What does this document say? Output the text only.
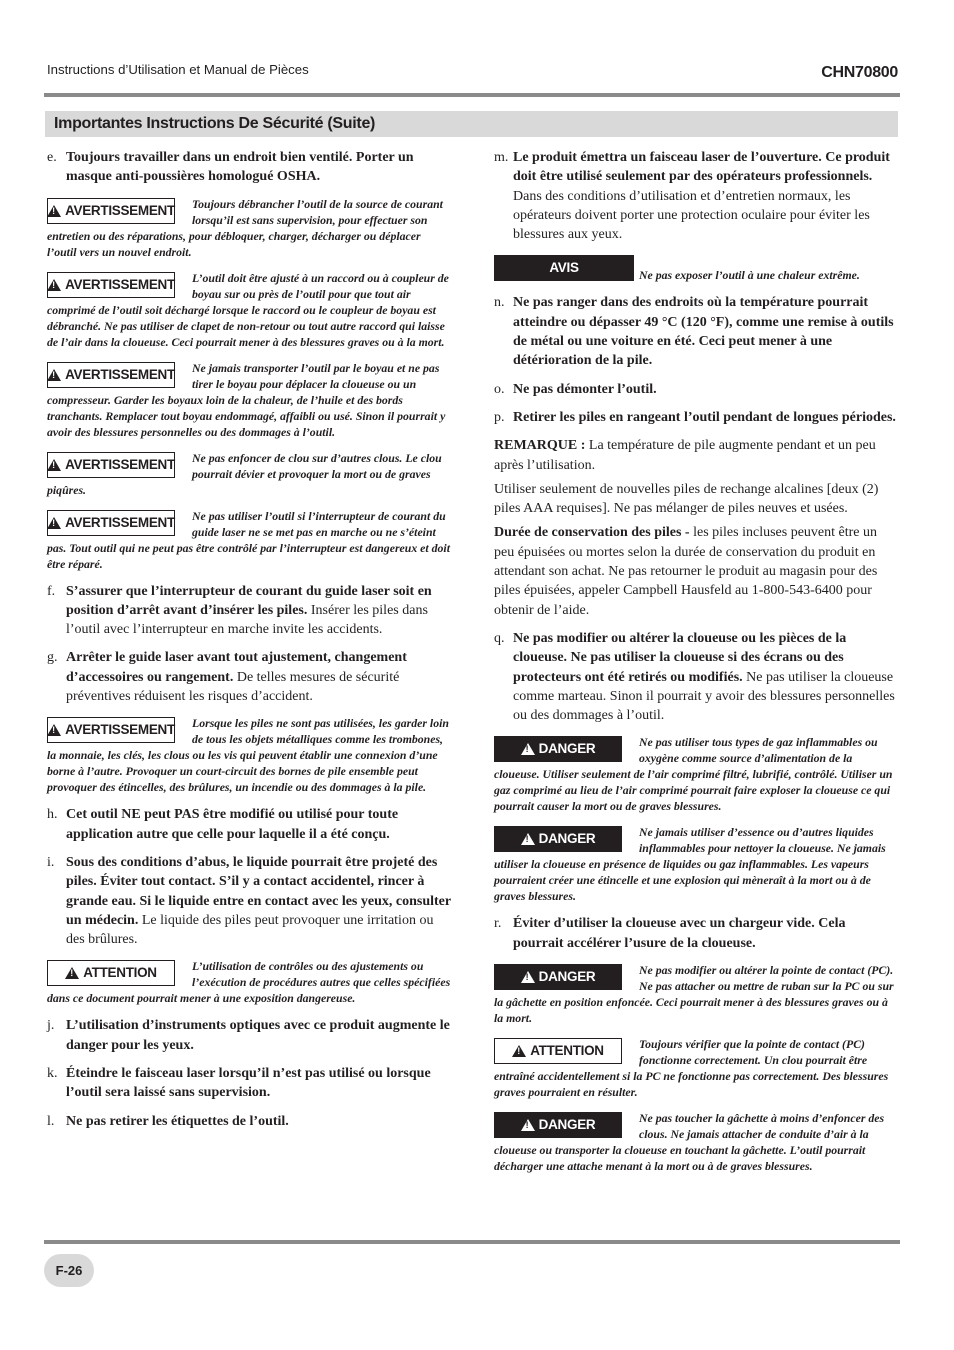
Instructions d’Utilisation et Manual de Pièces	CHN70800
Importantes Instructions De Sécurité (Suite)
e. Toujours travailler dans un endroit bien ventilé. Porter un masque anti-poussières homologué OSHA.
!
AVERTISSEMENT Toujours débrancher l’outil de la source de courant lorsqu’il est sans supervision, pour effectuer son entretien ou des réparations, pour débloquer, charger, décharger ou déplacer l’outil vers un nouvel endroit.
!
AVERTISSEMENT L’outil doit être ajusté à un raccord ou à coupleur de boyau sur ou près de l’outil pour que tout air comprimé de l’outil soit déchargé lorsque le raccord ou le coupleur de boyau est débranché. Ne pas utiliser de clapet de non-retour ou tout autre raccord qui laisse de l’air dans la cloueuse. Ceci pourrait mener à des blessures graves ou à la mort.
!
AVERTISSEMENT Ne jamais transporter l’outil par le boyau et ne pas tirer le boyau pour déplacer la cloueuse ou un compresseur. Garder les boyaux loin de la chaleur, de l’huile et des bords tranchants. Remplacer tout boyau endommagé, affaibli ou usé. Sinon il pourrait y avoir des blessures personnelles ou des dommages à l’outil.
!
AVERTISSEMENT Ne pas enfoncer de clou sur d’autres clous. Le clou pourrait dévier et provoquer la mort ou de graves piqûres.
!
AVERTISSEMENT Ne pas utiliser l’outil si l’interrupteur de courant du guide laser ne se met pas en marche ou ne s’éteint pas. Tout outil qui ne peut pas être contrôlé par l’interrupteur est dangereux et doit être réparé.
f. S’assurer que l’interrupteur de courant du guide laser soit en position d’arrêt avant d’insérer les piles. Insérer les piles dans l’outil avec l’interrupteur en marche invite les accidents.
g. Arrêter le guide laser avant tout ajustement, changement d’accessoires ou rangement. De telles mesures de sécurité préventives réduisent les risques d’accident.
!
AVERTISSEMENT Lorsque les piles ne sont pas utilisées, les garder loin de tous les objets métalliques comme les trombones, la monnaie, les clés, les clous ou les vis qui peuvent établir une connexion d’une borne à l’autre. Provoquer un court-circuit des bornes de pile ensemble peut provoquer des étincelles, des brûlures, un incendie ou des dommages à la pile.
h. Cet outil NE peut PAS être modifié ou utilisé pour toute application autre que celle pour laquelle il a été conçu.
i. Sous des conditions d’abus, le liquide pourrait être projeté des piles. Éviter tout contact. S’il y a contact accidentel, rincer à grande eau. Si le liquide entre en contact avec les yeux, consulter un médecin. Le liquide des piles peut provoquer une irritation ou des brûlures.
!
ATTENTION	L’utilisation de contrôles ou des ajustements ou l’exécution de procédures autres que celles spécifiées dans ce document pourrait mener à une exposition dangereuse.
j. L’utilisation d’instruments optiques avec ce produit augmente le danger pour les yeux.
k. Éteindre le faisceau laser lorsqu’il n’est pas utilisé ou lorsque l’outil sera laissé sans supervision.
l. Ne pas retirer les étiquettes de l’outil.
m. Le produit émettra un faisceau laser de l’ouverture. Ce produit doit être utilisé seulement par des opérateurs professionnels. Dans des conditions d’utilisation et d’entretien normaux, les opérateurs doivent porter une protection oculaire pour éviter les blessures aux yeux.
AVIS	Ne pas exposer l’outil à une chaleur extrême.
n. Ne pas ranger dans des endroits où la température pourrait atteindre ou dépasser 49 °C (120 °F), comme une remise à outils de métal ou une voiture en été. Ceci peut mener à une détérioration de la pile.
o. Ne pas démonter l’outil.
p. Retirer les piles en rangeant l’outil pendant de longues périodes.
REMARQUE : La température de pile augmente pendant et un peu après l’utilisation.
Utiliser seulement de nouvelles piles de rechange alcalines [deux (2) piles AAA requises]. Ne pas mélanger de piles neuves et usées.
Durée de conservation des piles - les piles incluses peuvent être un peu épuisées ou mortes selon la durée de conservation du produit en attendant son achat. Ne pas retourner le produit au magasin pour des piles épuisées, appeler Campbell Hausfeld au 1-800-543-6400 pour obtenir de l’aide.
q. Ne pas modifier ou altérer la cloueuse ou les pièces de la cloueuse. Ne pas utiliser la cloueuse si des écrans ou des protecteurs ont été retirés ou modifiés. Ne pas utiliser la cloueuse comme marteau. Sinon il pourrait y avoir des blessures personnelles ou des dommages à l’outil.
!
DANGER	Ne pas utiliser tous types de gaz inflammables ou oxygène comme source d’alimentation de la cloueuse. Utiliser seulement de l’air comprimé filtré, lubrifié, contrôlé. Utiliser un gaz comprimé au lieu de l’air comprimé pourrait faire exploser la cloueuse ce qui pourrait causer la mort ou de graves blessures.
!
DANGER	Ne jamais utiliser d’essence ou d’autres liquides inflammables pour nettoyer la cloueuse. Ne jamais utiliser la cloueuse en présence de liquides ou gaz inflammables. Les vapeurs pourraient créer une étincelle et une explosion qui mèneraît à la mort ou à de graves blessures.
r. Éviter d’utiliser la cloueuse avec un chargeur vide. Cela pourrait accélérer l’usure de la cloueuse.
!
DANGER	Ne pas modifier ou altérer la pointe de contact (PC). Ne pas attacher ou mettre de ruban sur la PC ou sur la gâchette en position enfoncée. Ceci pourrait mener à des blessures graves ou à la mort.
!
ATTENTION	Toujours vérifier que la pointe de contact (PC) fonctionne correctement. Un clou pourrait être entraîné accidentellement si la PC ne fonctionne pas correctement. Des blessures graves pourraient en résulter.
!
DANGER	Ne pas toucher la gâchette à moins d’enfoncer des clous. Ne jamais attacher de conduite d’air à la cloueuse ou transporter la cloueuse en touchant la gâchette. L’outil pourrait décharger une attache menant à la mort ou à de graves blessures.
F-26
